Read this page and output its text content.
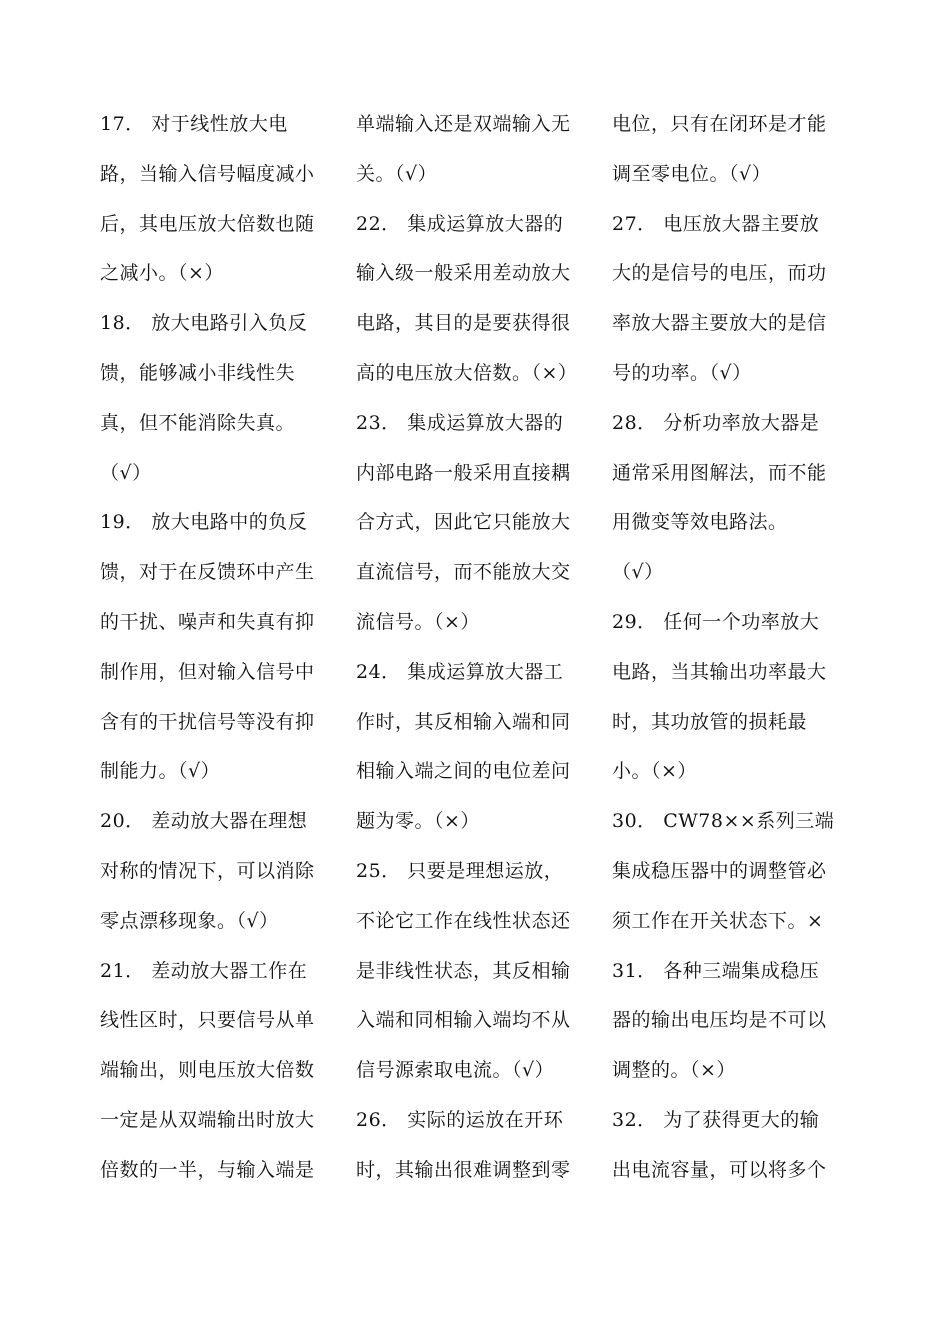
17． 对于线性放大电
路，当输入信号幅度减小
后，其电压放大倍数也随
之减小。（×）
18． 放大电路引入负反
馈，能够减小非线性失
真，但不能消除失真。
（√）
19． 放大电路中的负反
馈，对于在反馈环中产生
的干扰、噪声和失真有抑
制作用，但对输入信号中
含有的干扰信号等没有抑
制能力。（√）
20． 差动放大器在理想
对称的情况下，可以消除
零点漂移现象。（√）
21． 差动放大器工作在
线性区时，只要信号从单
端输出，则电压放大倍数
一定是从双端输出时放大
倍数的一半，与输入端是
单端输入还是双端输入无
关。（√）
22． 集成运算放大器的
输入级一般采用差动放大
电路，其目的是要获得很
高的电压放大倍数。（×）
23． 集成运算放大器的
内部电路一般采用直接耦
合方式，因此它只能放大
直流信号，而不能放大交
流信号。（×）
24． 集成运算放大器工
作时，其反相输入端和同
相输入端之间的电位差问
题为零。（×）
25． 只要是理想运放，
不论它工作在线性状态还
是非线性状态，其反相输
入端和同相输入端均不从
信号源索取电流。（√）
26． 实际的运放在开环
时，其输出很难调整到零
电位，只有在闭环是才能
调至零电位。（√）
27． 电压放大器主要放
大的是信号的电压，而功
率放大器主要放大的是信
号的功率。（√）
28． 分析功率放大器是
通常采用图解法，而不能
用微变等效电路法。
（√）
29． 任何一个功率放大
电路，当其输出功率最大
时，其功放管的损耗最
小。（×）
30． CW78××系列三端
集成稳压器中的调整管必
须工作在开关状态下。×
31． 各种三端集成稳压
器的输出电压均是不可以
调整的。（×）
32． 为了获得更大的输
出电流容量，可以将多个
